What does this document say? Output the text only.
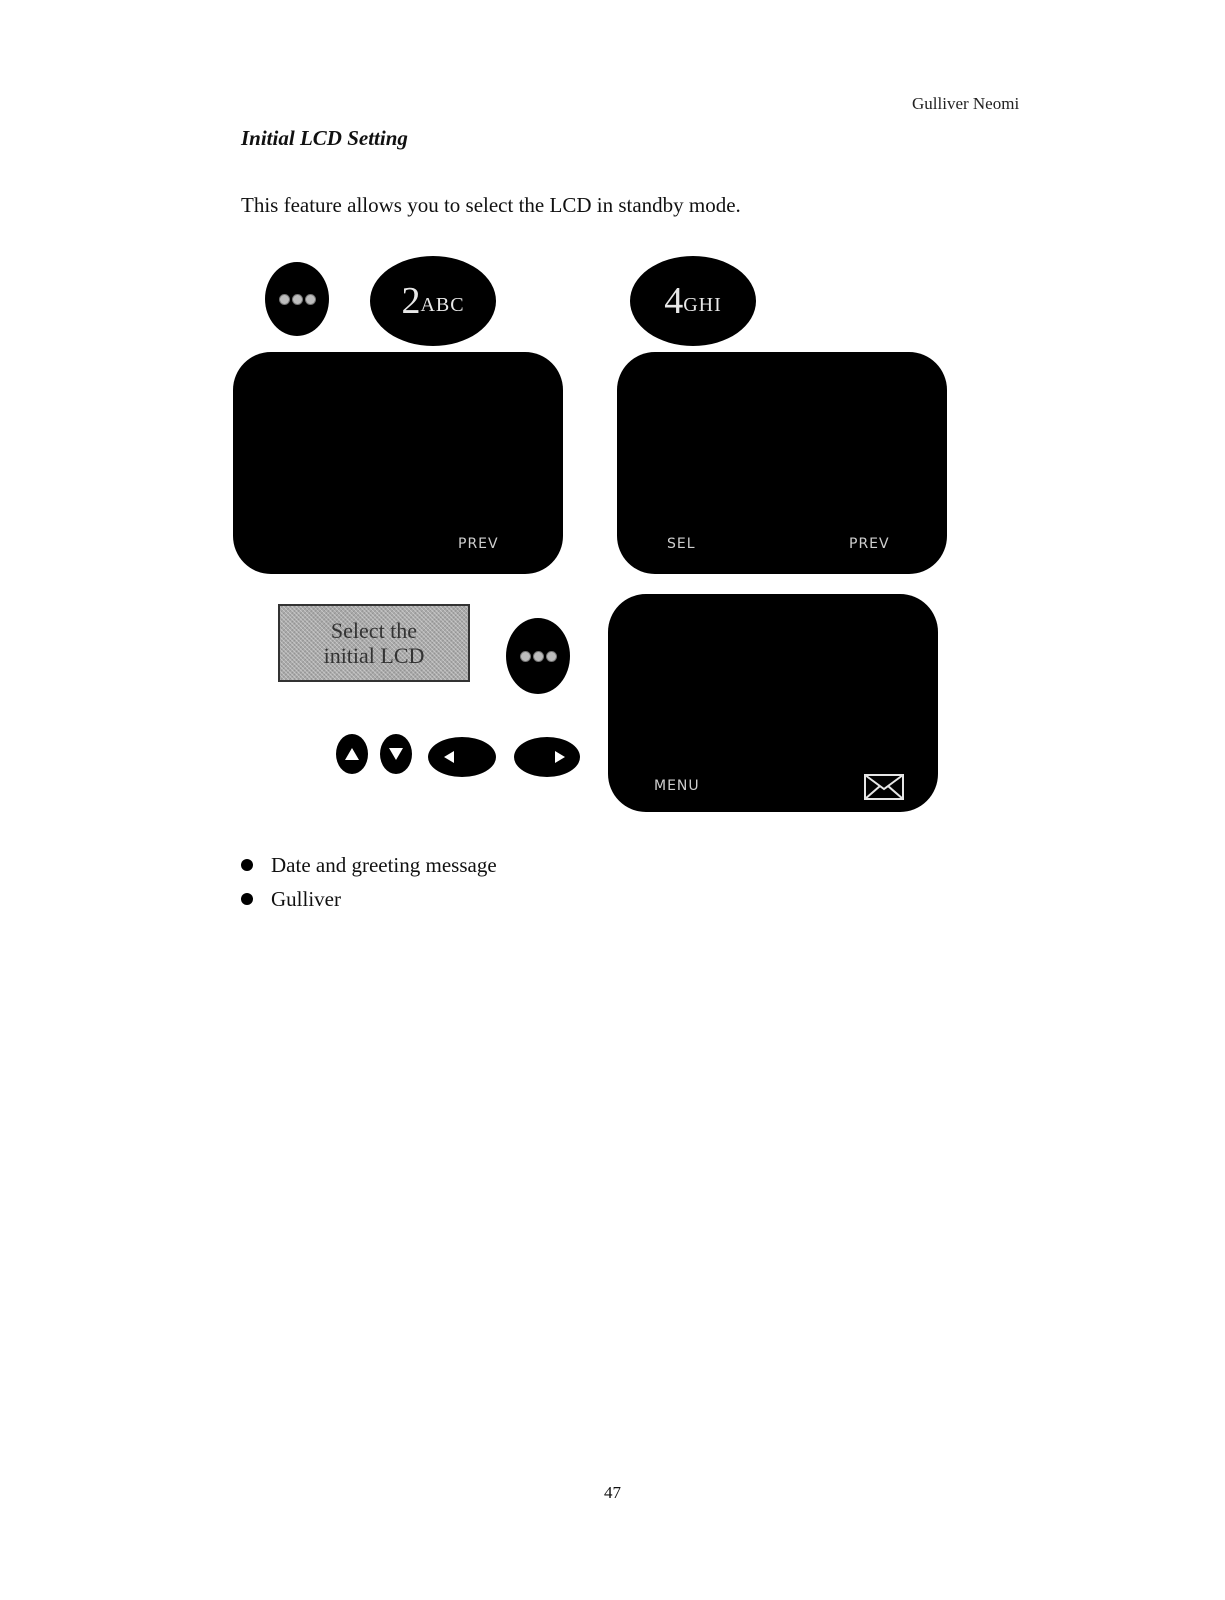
Gulliver Neomi
Initial LCD Setting
This feature allows you to select the LCD in standby mode.
2 ABC	4 GHI
PREV	SEL	PREV
Select the
initial LCD
MENU
Date and greeting message
Gulliver
47
